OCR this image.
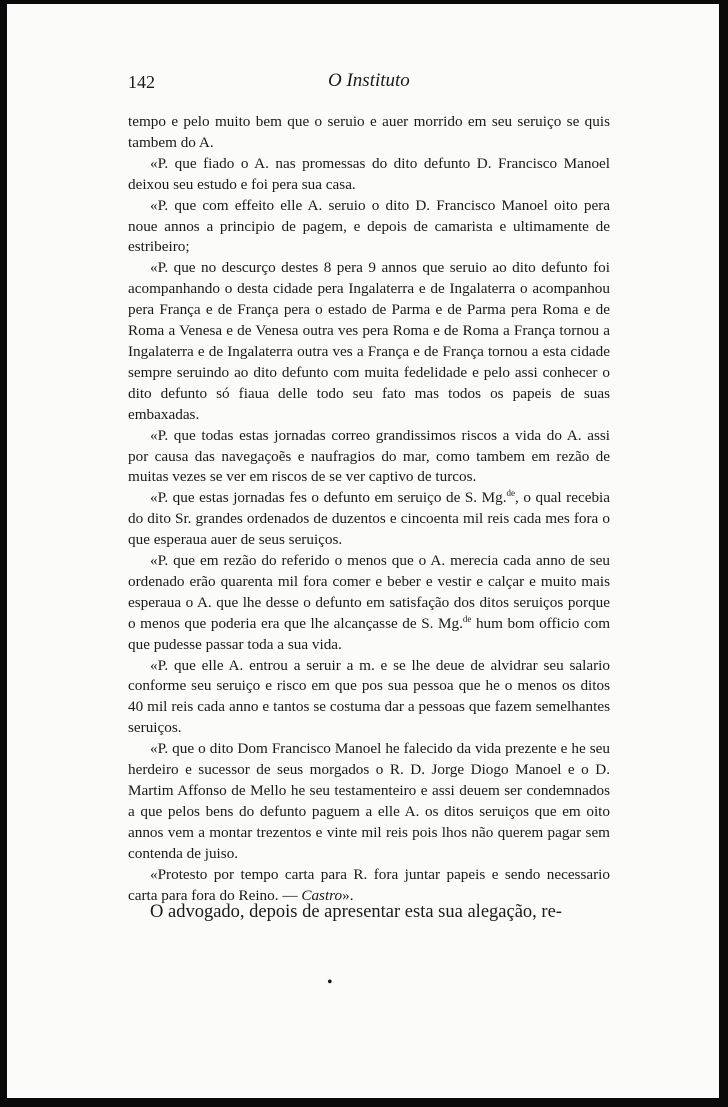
142	O Instituto

tempo e pelo muito bem que o seruio e auer morrido em seu seruiço se quis tambem do A.

«P. que fiado o A. nas promessas do dito defunto D. Francisco Manoel deixou seu estudo e foi pera sua casa.

«P. que com effeito elle A. seruio o dito D. Francisco Manoel oito pera noue annos a principio de pagem, e depois de camarista e ultimamente de estribeiro;

«P. que no descurço destes 8 pera 9 annos que seruio ao dito defunto foi acompanhando o desta cidade pera Ingalaterra e de Ingalaterra o acompanhou pera França e de França pera o estado de Parma e de Parma pera Roma e de Roma a Venesa e de Venesa outra ves pera Roma e de Roma a França tornou a Ingalaterra e de Ingalaterra outra ves a França e de França tornou a esta cidade sempre seruindo ao dito defunto com muita fedelidade e pelo assi conhecer o dito defunto só fiaua delle todo seu fato mas todos os papeis de suas embaxadas.

«P. que todas estas jornadas correo grandissimos riscos a vida do A. assi por causa das navegaçoẽs e naufragios do mar, como tambem em rezão de muitas vezes se ver em riscos de se ver captivo de turcos.

«P. que estas jornadas fes o defunto em seruiço de S. Mg.$^{de}$, o qual recebia do dito Sr. grandes ordenados de duzentos e cincoenta mil reis cada mes fora o que esperaua auer de seus seruiços.

«P. que em rezão do referido o menos que o A. merecia cada anno de seu ordenado erão quarenta mil fora comer e beber e vestir e calçar e muito mais esperaua o A. que lhe desse o defunto em satisfação dos ditos seruiços porque o menos que poderia era que lhe alcançasse de S. Mg.$^{de}$ hum bom officio com que pudesse passar toda a sua vida.

«P. que elle A. entrou a seruir a m. e se lhe deue de alvidrar seu salario conforme seu seruiço e risco em que pos sua pessoa que he o menos os ditos 40 mil reis cada anno e tantos se costuma dar a pessoas que fazem semelhantes seruiços.

«P. que o dito Dom Francisco Manoel he falecido da vida prezente e he seu herdeiro e sucessor de seus morgados o R. D. Jorge Diogo Manoel e o D. Martim Affonso de Mello he seu testamenteiro e assi deuem ser condemnados a que pelos bens do defunto paguem a elle A. os ditos seruiços que em oito annos vem a montar trezentos e vinte mil reis pois lhos não querem pagar sem contenda de juiso.

«Protesto por tempo carta para R. fora juntar papeis e sendo necessario carta para fora do Reino. — Castro».

O advogado, depois de apresentar esta sua alegação, re-
•
